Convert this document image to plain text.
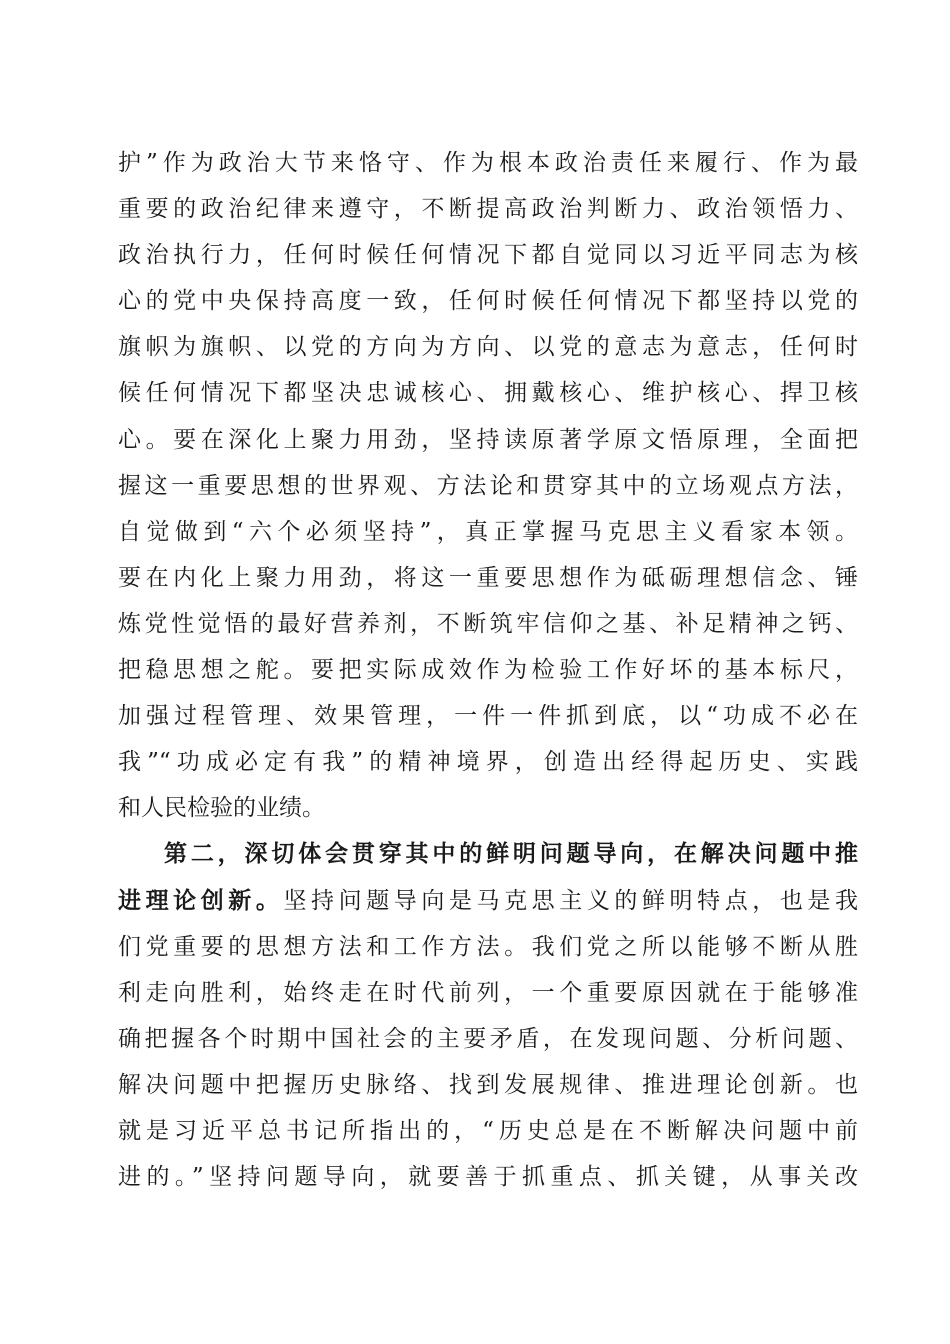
护”作为政治大节来恪守、作为根本政治责任来履行、作为最
重要的政治纪律来遵守，不断提高政治判断力、政治领悟力、
政治执行力，任何时候任何情况下都自觉同以习近平同志为核
心的党中央保持高度一致，任何时候任何情况下都坚持以党的
旗帜为旗帜、以党的方向为方向、以党的意志为意志，任何时
候任何情况下都坚决忠诚核心、拥戴核心、维护核心、捍卫核
心。要在深化上聚力用劲，坚持读原著学原文悟原理，全面把
握这一重要思想的世界观、方法论和贯穿其中的立场观点方法，
自觉做到“六个必须坚持”，真正掌握马克思主义看家本领。
要在内化上聚力用劲，将这一重要思想作为砥砺理想信念、锤
炼党性觉悟的最好营养剂，不断筑牢信仰之基、补足精神之钙、
把稳思想之舵。要把实际成效作为检验工作好坏的基本标尺，
加强过程管理、效果管理，一件一件抓到底，以“功成不必在
我”“功成必定有我”的精神境界，创造出经得起历史、实践
和人民检验的业绩。
第二，深切体会贯穿其中的鲜明问题导向，在解决问题中推
进理论创新。坚持问题导向是马克思主义的鲜明特点，也是我
们党重要的思想方法和工作方法。我们党之所以能够不断从胜
利走向胜利，始终走在时代前列，一个重要原因就在于能够准
确把握各个时期中国社会的主要矛盾，在发现问题、分析问题、
解决问题中把握历史脉络、找到发展规律、推进理论创新。也
就是习近平总书记所指出的，“历史总是在不断解决问题中前
进的。”坚持问题导向，就要善于抓重点、抓关键，从事关改
